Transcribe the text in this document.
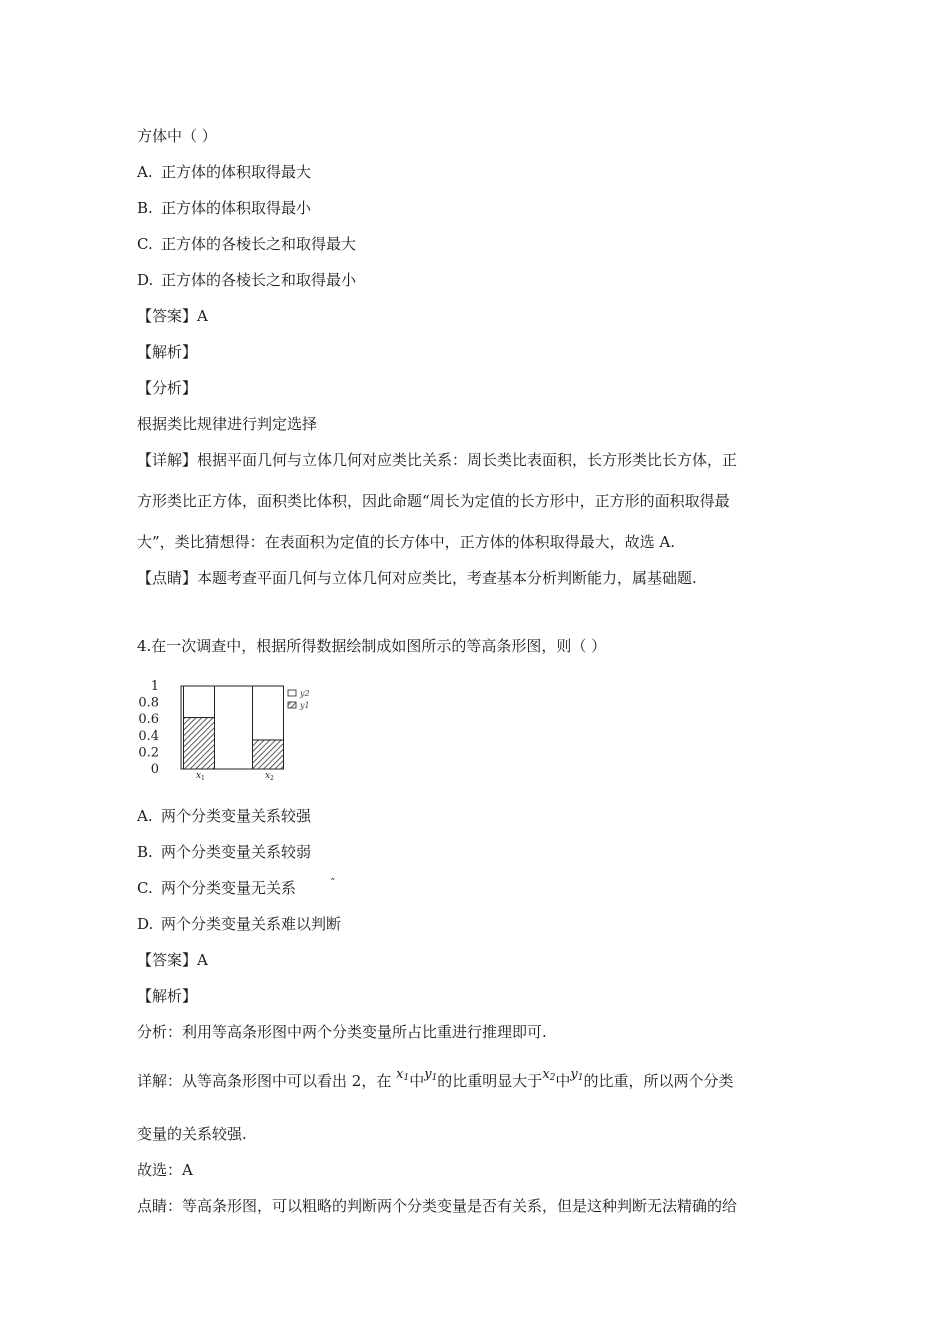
方体中（ ）
A. 正方体的体积取得最大
B. 正方体的体积取得最小
C. 正方体的各棱长之和取得最大
D. 正方体的各棱长之和取得最小
【答案】A
【解析】
【分析】
根据类比规律进行判定选择
【详解】根据平面几何与立体几何对应类比关系：周长类比表面积，长方形类比长方体，正
方形类比正方体，面积类比体积，因此命题“周长为定值的长方形中，正方形的面积取得最
大”，类比猜想得：在表面积为定值的长方体中，正方体的体积取得最大，故选 A.
【点睛】本题考查平面几何与立体几何对应类比，考查基本分析判断能力，属基础题.
4.在一次调查中，根据所得数据绘制成如图所示的等高条形图，则（ ）
1
0.8
0.6
0.4
0.2
0	x 1	x 2
y2
y1
A. 两个分类变量关系较强
B. 两个分类变量关系较弱
C. 两个分类变量无关系	$^ˆ$
D. 两个分类变量关系难以判断
【答案】A
【解析】
分析：利用等高条形图中两个分类变量所占比重进行推理即可.
详解：从等高条形图中可以看出 2，在 $x_1$中$y_1$的比重明显大于$x_2$中$y_1$的比重，所以两个分类
变量的关系较强.
故选：A
点睛：等高条形图，可以粗略的判断两个分类变量是否有关系，但是这种判断无法精确的给
